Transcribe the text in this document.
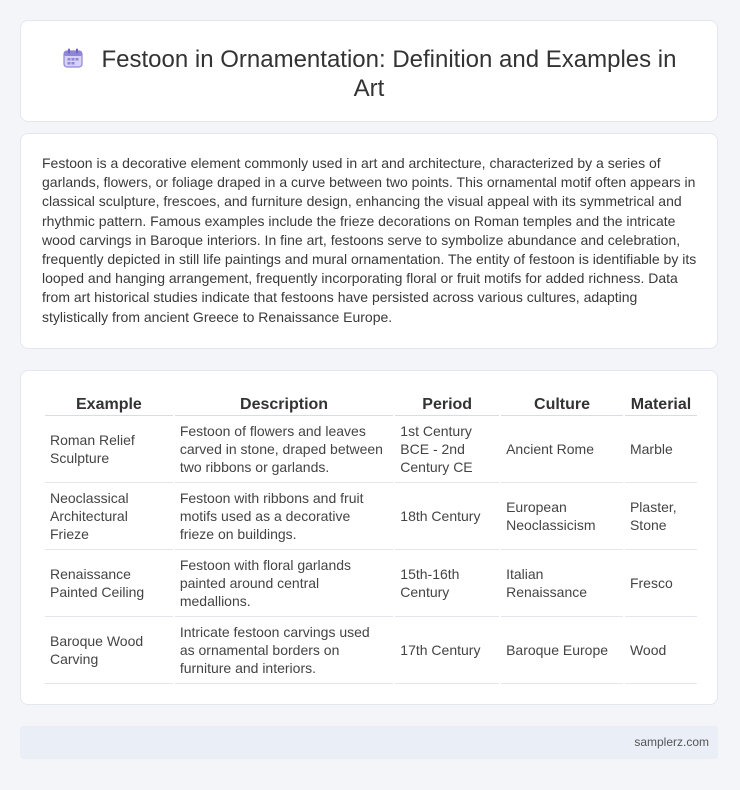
Festoon in Ornamentation: Definition and Examples in Art

Festoon is a decorative element commonly used in art and architecture, characterized by a series of garlands, flowers, or foliage draped in a curve between two points. This ornamental motif often appears in classical sculpture, frescoes, and furniture design, enhancing the visual appeal with its symmetrical and rhythmic pattern. Famous examples include the frieze decorations on Roman temples and the intricate wood carvings in Baroque interiors. In fine art, festoons serve to symbolize abundance and celebration, frequently depicted in still life paintings and mural ornamentation. The entity of festoon is identifiable by its looped and hanging arrangement, frequently incorporating floral or fruit motifs for added richness. Data from art historical studies indicate that festoons have persisted across various cultures, adapting stylistically from ancient Greece to Renaissance Europe.

Example	Description	Period	Culture	Material
Roman Relief Sculpture	Festoon of flowers and leaves carved in stone, draped between two ribbons or garlands.	1st Century BCE - 2nd Century CE	Ancient Rome	Marble
Neoclassical Architectural Frieze	Festoon with ribbons and fruit motifs used as a decorative frieze on buildings.	18th Century	European Neoclassicism	Plaster, Stone
Renaissance Painted Ceiling	Festoon with floral garlands painted around central medallions.	15th-16th Century	Italian Renaissance	Fresco
Baroque Wood Carving	Intricate festoon carvings used as ornamental borders on furniture and interiors.	17th Century	Baroque Europe	Wood
samplerz.com
